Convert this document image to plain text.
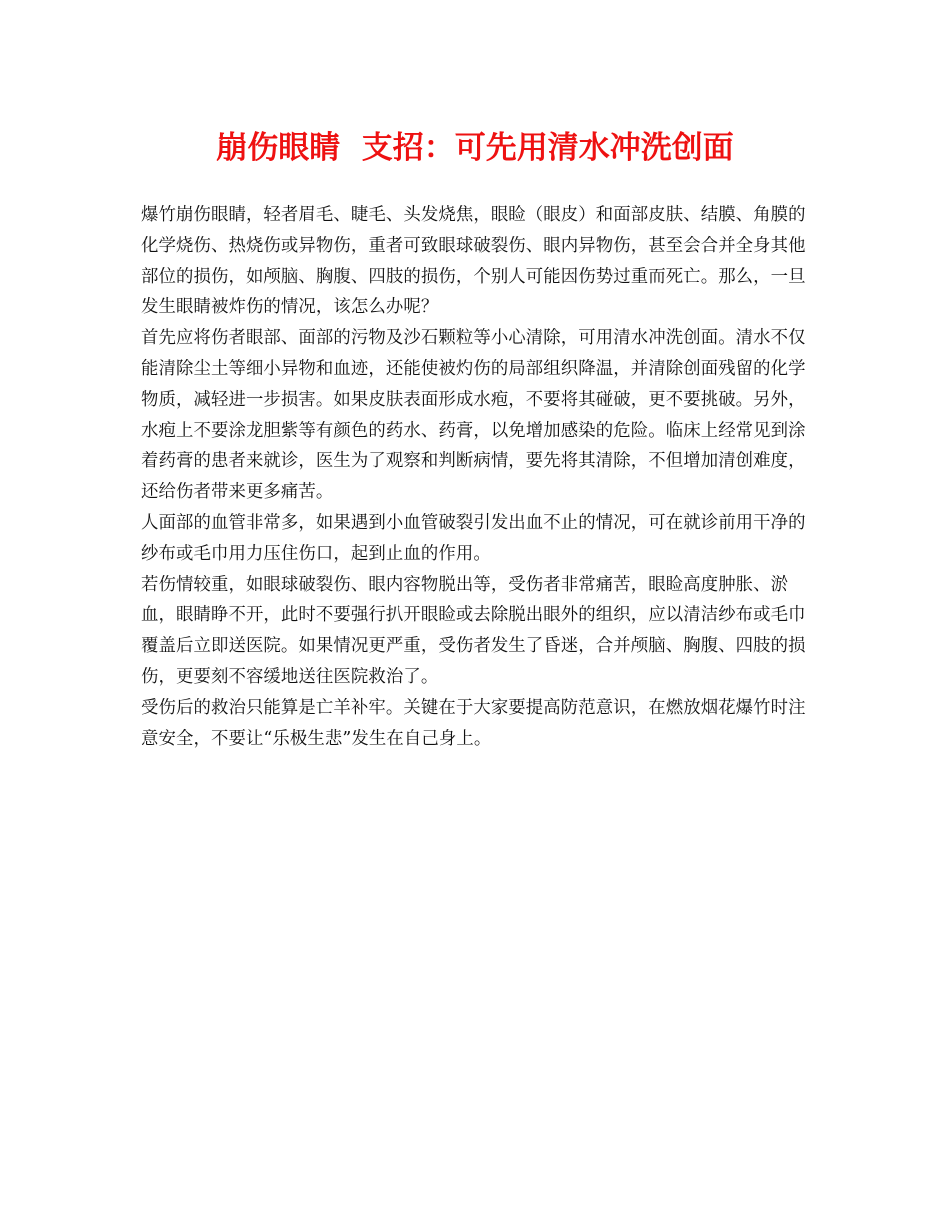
崩伤眼睛  支招：可先用清水冲洗创面

爆竹崩伤眼睛，轻者眉毛、睫毛、头发烧焦，眼睑（眼皮）和面部皮肤、结膜、角膜的化学烧伤、热烧伤或异物伤，重者可致眼球破裂伤、眼内异物伤，甚至会合并全身其他部位的损伤，如颅脑、胸腹、四肢的损伤，个别人可能因伤势过重而死亡。那么，一旦发生眼睛被炸伤的情况，该怎么办呢？

首先应将伤者眼部、面部的污物及沙石颗粒等小心清除，可用清水冲洗创面。清水不仅能清除尘土等细小异物和血迹，还能使被灼伤的局部组织降温，并清除创面残留的化学物质，减轻进一步损害。如果皮肤表面形成水疱，不要将其碰破，更不要挑破。另外，水疱上不要涂龙胆紫等有颜色的药水、药膏，以免增加感染的危险。临床上经常见到涂着药膏的患者来就诊，医生为了观察和判断病情，要先将其清除，不但增加清创难度，还给伤者带来更多痛苦。

人面部的血管非常多，如果遇到小血管破裂引发出血不止的情况，可在就诊前用干净的纱布或毛巾用力压住伤口，起到止血的作用。

若伤情较重，如眼球破裂伤、眼内容物脱出等，受伤者非常痛苦，眼睑高度肿胀、淤血，眼睛睁不开，此时不要强行扒开眼睑或去除脱出眼外的组织，应以清洁纱布或毛巾覆盖后立即送医院。如果情况更严重，受伤者发生了昏迷，合并颅脑、胸腹、四肢的损伤，更要刻不容缓地送往医院救治了。

受伤后的救治只能算是亡羊补牢。关键在于大家要提高防范意识，在燃放烟花爆竹时注意安全，不要让“乐极生悲”发生在自己身上。
